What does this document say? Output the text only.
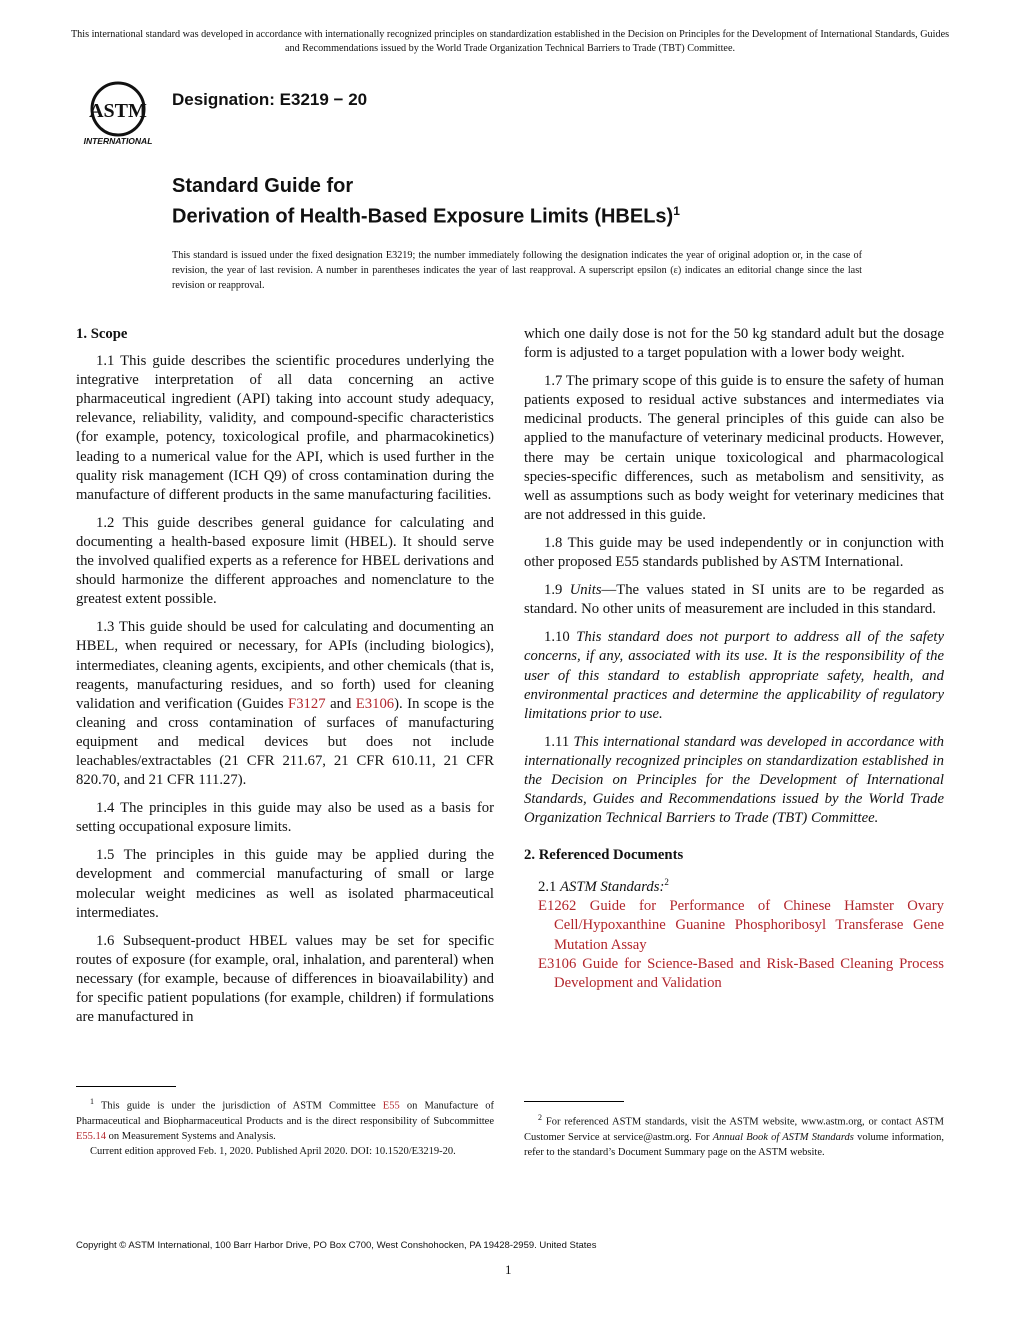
This international standard was developed in accordance with internationally recognized principles on standardization established in the Decision on Principles for the Development of International Standards, Guides and Recommendations issued by the World Trade Organization Technical Barriers to Trade (TBT) Committee.
ASTM
INTERNATIONAL
Designation: E3219 − 20
Standard Guide for
Derivation of Health-Based Exposure Limits (HBELs)$^1$
This standard is issued under the fixed designation E3219; the number immediately following the designation indicates the year of original adoption or, in the case of revision, the year of last revision. A number in parentheses indicates the year of last reapproval. A superscript epsilon (ε) indicates an editorial change since the last revision or reapproval.
1. Scope

1.1 This guide describes the scientific procedures underlying the integrative interpretation of all data concerning an active pharmaceutical ingredient (API) taking into account study adequacy, relevance, reliability, validity, and compound-specific characteristics (for example, potency, toxicological profile, and pharmacokinetics) leading to a numerical value for the API, which is used further in the quality risk management (ICH Q9) of cross contamination during the manufacture of different products in the same manufacturing facilities.

1.2 This guide describes general guidance for calculating and documenting a health-based exposure limit (HBEL). It should serve the involved qualified experts as a reference for HBEL derivations and should harmonize the different approaches and nomenclature to the greatest extent possible.

1.3 This guide should be used for calculating and documenting an HBEL, when required or necessary, for APIs (including biologics), intermediates, cleaning agents, excipients, and other chemicals (that is, reagents, manufacturing residues, and so forth) used for cleaning validation and verification (Guides F3127 and E3106). In scope is the cleaning and cross contamination of surfaces of manufacturing equipment and medical devices but does not include leachables/extractables (21 CFR 211.67, 21 CFR 610.11, 21 CFR 820.70, and 21 CFR 111.27).

1.4 The principles in this guide may also be used as a basis for setting occupational exposure limits.

1.5 The principles in this guide may be applied during the development and commercial manufacturing of small or large molecular weight medicines as well as isolated pharmaceutical intermediates.

1.6 Subsequent-product HBEL values may be set for specific routes of exposure (for example, oral, inhalation, and parenteral) when necessary (for example, because of differences in bioavailability) and for specific patient populations (for example, children) if formulations are manufactured in

which one daily dose is not for the 50 kg standard adult but the dosage form is adjusted to a target population with a lower body weight.

1.7 The primary scope of this guide is to ensure the safety of human patients exposed to residual active substances and intermediates via medicinal products. The general principles of this guide can also be applied to the manufacture of veterinary medicinal products. However, there may be certain unique toxicological and pharmacological species-specific differences, such as metabolism and sensitivity, as well as assumptions such as body weight for veterinary medicines that are not addressed in this guide.

1.8 This guide may be used independently or in conjunction with other proposed E55 standards published by ASTM International.

1.9 Units—The values stated in SI units are to be regarded as standard. No other units of measurement are included in this standard.

1.10 This standard does not purport to address all of the safety concerns, if any, associated with its use. It is the responsibility of the user of this standard to establish appropriate safety, health, and environmental practices and determine the applicability of regulatory limitations prior to use.

1.11 This international standard was developed in accordance with internationally recognized principles on standardization established in the Decision on Principles for the Development of International Standards, Guides and Recommendations issued by the World Trade Organization Technical Barriers to Trade (TBT) Committee.

2. Referenced Documents
2.1 ASTM Standards:$^2$
E1262 Guide for Performance of Chinese Hamster Ovary Cell/Hypoxanthine Guanine Phosphoribosyl Transferase Gene Mutation Assay
E3106 Guide for Science-Based and Risk-Based Cleaning Process Development and Validation

$^1$ This guide is under the jurisdiction of ASTM Committee E55 on Manufacture of Pharmaceutical and Biopharmaceutical Products and is the direct responsibility of Subcommittee E55.14 on Measurement Systems and Analysis.

Current edition approved Feb. 1, 2020. Published April 2020. DOI: 10.1520/E3219-20.

$^2$ For referenced ASTM standards, visit the ASTM website, www.astm.org, or contact ASTM Customer Service at service@astm.org. For Annual Book of ASTM Standards volume information, refer to the standard’s Document Summary page on the ASTM website.

Copyright © ASTM International, 100 Barr Harbor Drive, PO Box C700, West Conshohocken, PA 19428-2959. United States
1
